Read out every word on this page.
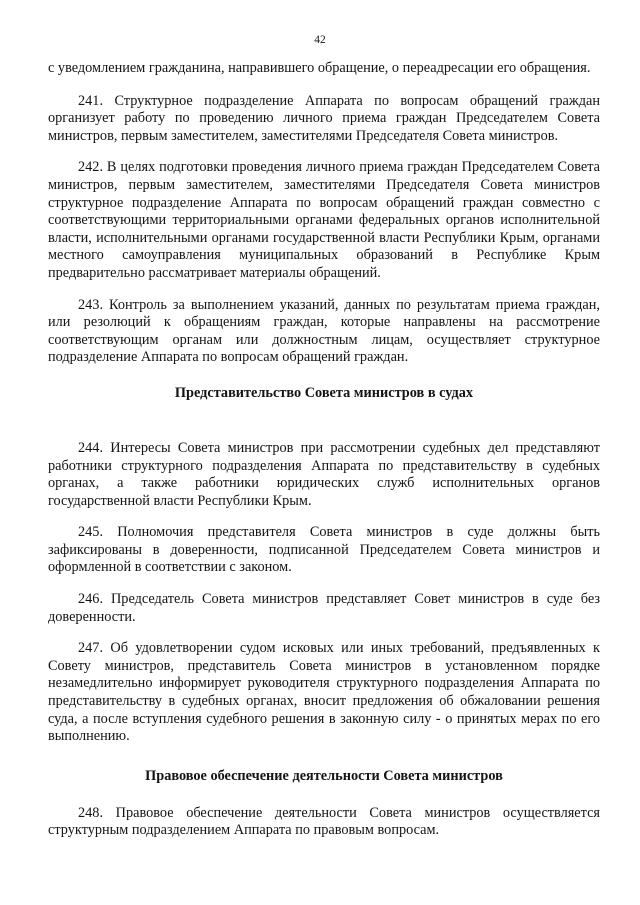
42

с уведомлением гражданина, направившего обращение, о переадресации его обращения.

241. Структурное подразделение Аппарата по вопросам обращений граждан организует работу по проведению личного приема граждан Председателем Совета министров, первым заместителем, заместителями Председателя Совета министров.

242. В целях подготовки проведения личного приема граждан Председателем Совета министров, первым заместителем, заместителями Председателя Совета министров структурное подразделение Аппарата по вопросам обращений граждан совместно с соответствующими территориальными органами федеральных органов исполнительной власти, исполнительными органами государственной власти Республики Крым, органами местного самоуправления муниципальных образований в Республике Крым предварительно рассматривает материалы обращений.

243. Контроль за выполнением указаний, данных по результатам приема граждан, или резолюций к обращениям граждан, которые направлены на рассмотрение соответствующим органам или должностным лицам, осуществляет структурное подразделение Аппарата по вопросам обращений граждан.

Представительство Совета министров в судах

244. Интересы Совета министров при рассмотрении судебных дел представляют работники структурного подразделения Аппарата по представительству в судебных органах, а также работники юридических служб исполнительных органов государственной власти Республики Крым.

245. Полномочия представителя Совета министров в суде должны быть зафиксированы в доверенности, подписанной Председателем Совета министров и оформленной в соответствии с законом.

246. Председатель Совета министров представляет Совет министров в суде без доверенности.

247. Об удовлетворении судом исковых или иных требований, предъявленных к Совету министров, представитель Совета министров в установленном порядке незамедлительно информирует руководителя структурного подразделения Аппарата по представительству в судебных органах, вносит предложения об обжаловании решения суда, а после вступления судебного решения в законную силу - о принятых мерах по его выполнению.

Правовое обеспечение деятельности Совета министров

248. Правовое обеспечение деятельности Совета министров осуществляется структурным подразделением Аппарата по правовым вопросам.
